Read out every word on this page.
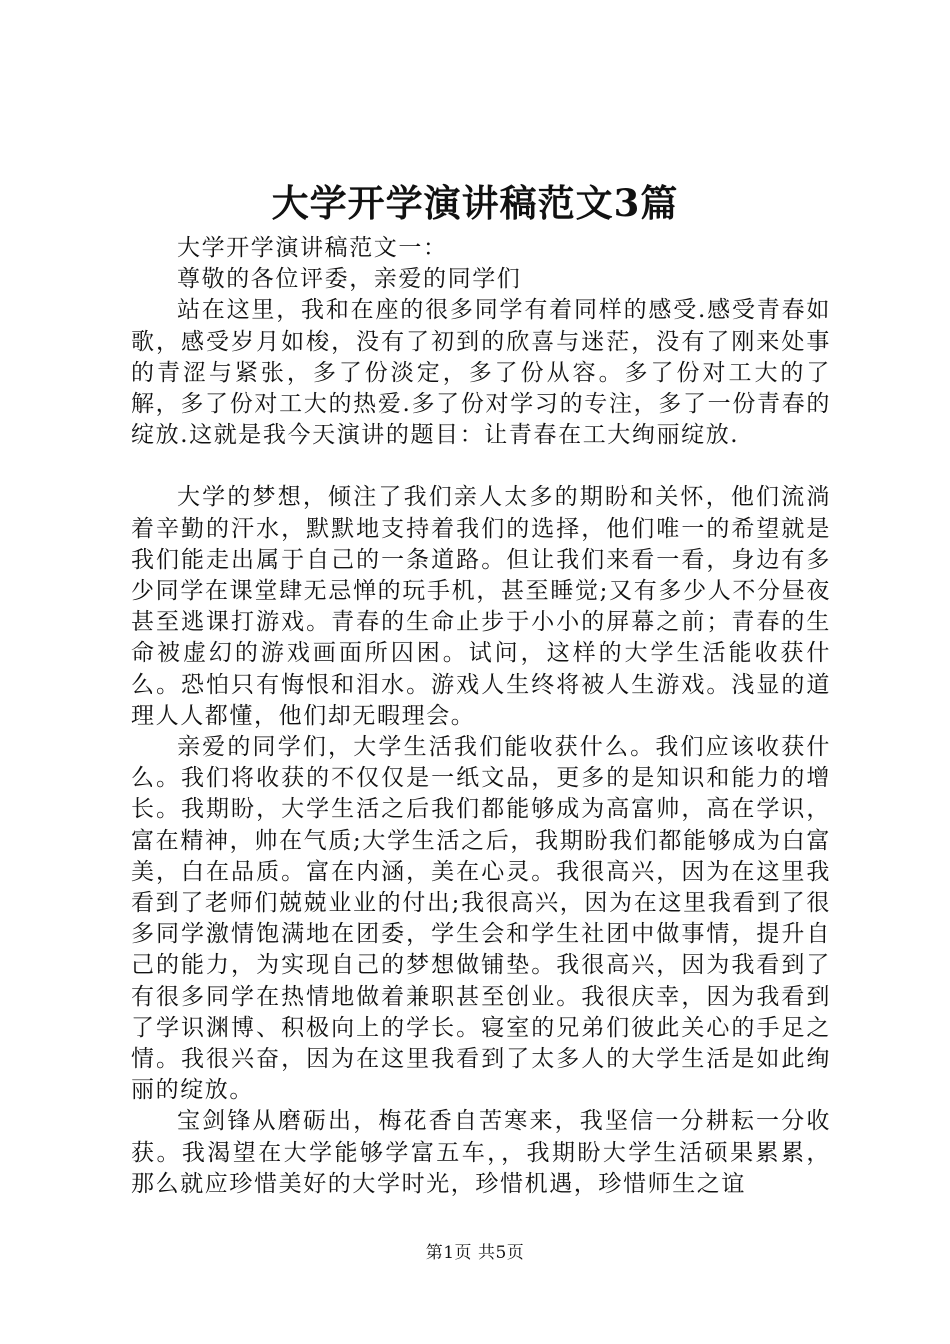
大学开学演讲稿范文3篇

大学开学演讲稿范文一：

尊敬的各位评委，亲爱的同学们

站在这里，我和在座的很多同学有着同样的感受.感受青春如歌，感受岁月如梭，没有了初到的欣喜与迷茫，没有了刚来处事的青涩与紧张，多了份淡定，多了份从容。多了份对工大的了解，多了份对工大的热爱.多了份对学习的专注，多了一份青春的绽放.这就是我今天演讲的题目：让青春在工大绚丽绽放.

大学的梦想，倾注了我们亲人太多的期盼和关怀，他们流淌着辛勤的汗水，默默地支持着我们的选择，他们唯一的希望就是我们能走出属于自己的一条道路。但让我们来看一看，身边有多少同学在课堂肆无忌惮的玩手机，甚至睡觉;又有多少人不分昼夜甚至逃课打游戏。青春的生命止步于小小的屏幕之前；青春的生命被虚幻的游戏画面所囚困。试问，这样的大学生活能收获什么。恐怕只有悔恨和泪水。游戏人生终将被人生游戏。浅显的道理人人都懂，他们却无暇理会。

亲爱的同学们，大学生活我们能收获什么。我们应该收获什么。我们将收获的不仅仅是一纸文品，更多的是知识和能力的增长。我期盼，大学生活之后我们都能够成为高富帅，高在学识，富在精神，帅在气质;大学生活之后，我期盼我们都能够成为白富美，白在品质。富在内涵，美在心灵。我很高兴，因为在这里我看到了老师们兢兢业业的付出;我很高兴，因为在这里我看到了很多同学激情饱满地在团委，学生会和学生社团中做事情，提升自己的能力，为实现自己的梦想做铺垫。我很高兴，因为我看到了有很多同学在热情地做着兼职甚至创业。我很庆幸，因为我看到了学识渊博、积极向上的学长。寝室的兄弟们彼此关心的手足之情。我很兴奋，因为在这里我看到了太多人的大学生活是如此绚丽的绽放。

宝剑锋从磨砺出，梅花香自苦寒来，我坚信一分耕耘一分收获。我渴望在大学能够学富五车，，我期盼大学生活硕果累累，那么就应珍惜美好的大学时光，珍惜机遇，珍惜师生之谊

第1页 共5页
